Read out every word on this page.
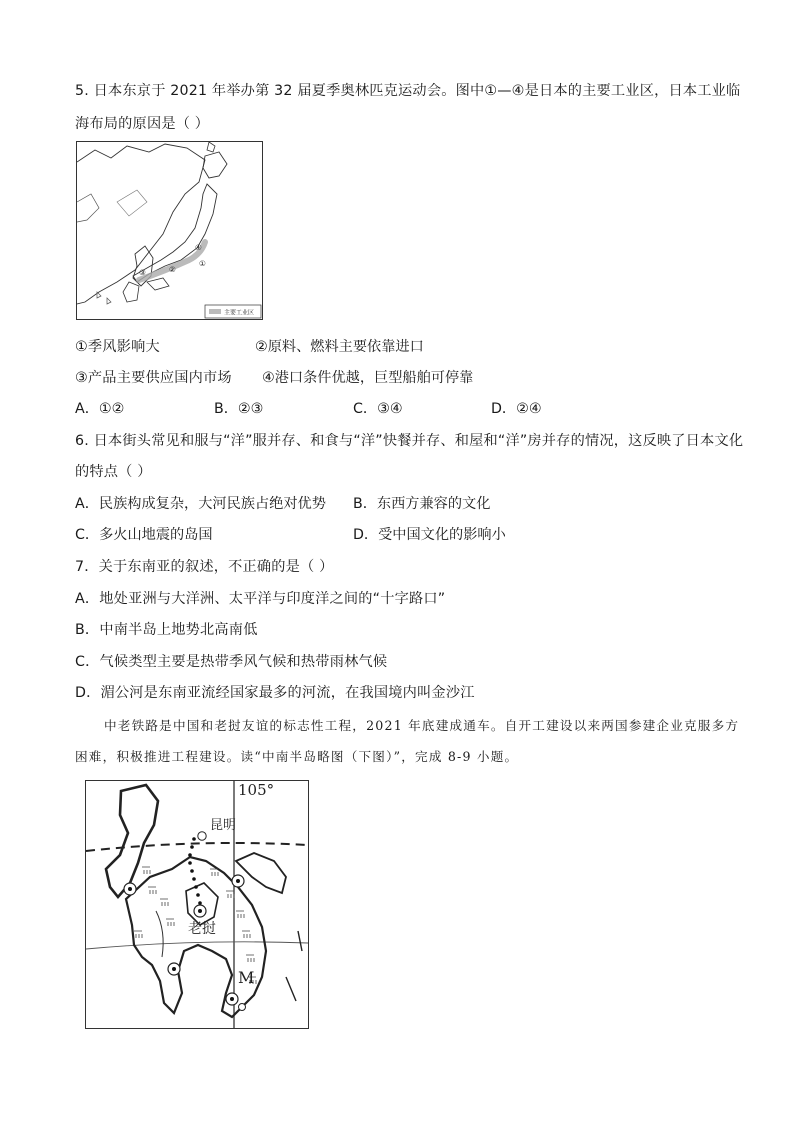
5. 日本东京于 2021 年举办第 32 届夏季奥林匹克运动会。图中①—④是日本的主要工业区，日本工业临
海布局的原因是（ ）
①
②
③
④
主要工业区
①季风影响大	②原料、燃料主要依靠进口
③产品主要供应国内市场 ④港口条件优越，巨型船舶可停靠
A．①②	B．②③	C．③④	D．②④
6. 日本街头常见和服与“洋”服并存、和食与“洋”快餐并存、和屋和“洋”房并存的情况，这反映了日本文化
的特点（ ）
A．民族构成复杂，大河民族占绝对优势 B．东西方兼容的文化
C．多火山地震的岛国	D．受中国文化的影响小
7．关于东南亚的叙述，不正确的是（ ）
A．地处亚洲与大洋洲、太平洋与印度洋之间的“十字路口”
B．中南半岛上地势北高南低
C．气候类型主要是热带季风气候和热带雨林气候
D．湄公河是东南亚流经国家最多的河流，在我国境内叫金沙江
中老铁路是中国和老挝友谊的标志性工程，2021 年底建成通车。自开工建设以来两国参建企业克服多方
困难，积极推进工程建设。读“中南半岛略图（下图）”，完成 8-9 小题。
105°
昆明
老挝
M
